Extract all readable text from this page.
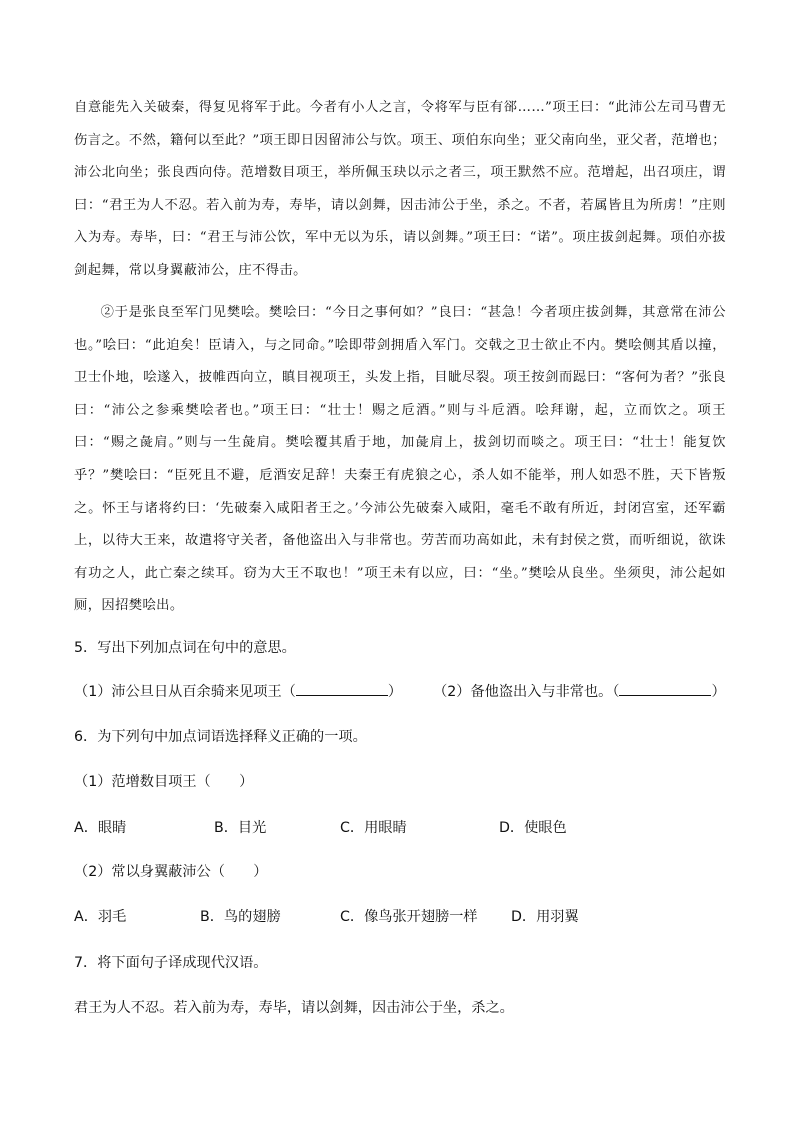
自意能先入关破秦，得复见将军于此。今者有小人之言，令将军与臣有郤……”项王曰：“此沛公左司马曹无伤言之。不然，籍何以至此？”项王即日因留沛公与饮。项王、项伯东向坐；亚父南向坐，亚父者，范增也；沛公北向坐；张良西向侍。范增数目项王，举所佩玉玦以示之者三，项王默然不应。范增起，出召项庄，谓曰：“君王为人不忍。若入前为寿，寿毕，请以剑舞，因击沛公于坐，杀之。不者，若属皆且为所虏！”庄则入为寿。寿毕，曰：“君王与沛公饮，军中无以为乐，请以剑舞。”项王曰：“诺”。项庄拔剑起舞。项伯亦拔剑起舞，常以身翼蔽沛公，庄不得击。
②于是张良至军门见樊哙。樊哙曰：“今日之事何如？”良曰：“甚急！今者项庄拔剑舞，其意常在沛公也。”哙曰：“此迫矣！臣请入，与之同命。”哙即带剑拥盾入军门。交戟之卫士欲止不内。樊哙侧其盾以撞，卫士仆地，哙遂入，披帷西向立，瞋目视项王，头发上指，目眦尽裂。项王按剑而跽曰：“客何为者？”张良曰：“沛公之参乘樊哙者也。”项王曰：“壮士！赐之卮酒。”则与斗卮酒。哙拜谢，起，立而饮之。项王曰：“赐之彘肩。”则与一生彘肩。樊哙覆其盾于地，加彘肩上，拔剑切而啖之。项王曰：“壮士！能复饮乎？”樊哙曰：“臣死且不避，卮酒安足辞！夫秦王有虎狼之心，杀人如不能举，刑人如恐不胜，天下皆叛之。怀王与诸将约曰：‘先破秦入咸阳者王之。’今沛公先破秦入咸阳，毫毛不敢有所近，封闭宫室，还军霸上，以待大王来，故遣将守关者，备他盗出入与非常也。劳苦而功高如此，未有封侯之赏，而听细说，欲诛有功之人，此亡秦之续耳。窃为大王不取也！”项王未有以应，曰：“坐。”樊哙从良坐。坐须臾，沛公起如厕，因招樊哙出。
5．写出下列加点词在句中的意思。
（1）沛公旦日从百余骑来见项王（	） （2）备他盗出入与非常也。（	）
6．为下列句中加点词语选择释义正确的一项。
（1）范增数目项王（　　）
A．眼睛	B．目光	C．用眼睛	D．使眼色
（2）常以身翼蔽沛公（　　）
A．羽毛	B．鸟的翅膀	C．像鸟张开翅膀一样 D．用羽翼
7．将下面句子译成现代汉语。
君王为人不忍。若入前为寿，寿毕，请以剑舞，因击沛公于坐，杀之。
